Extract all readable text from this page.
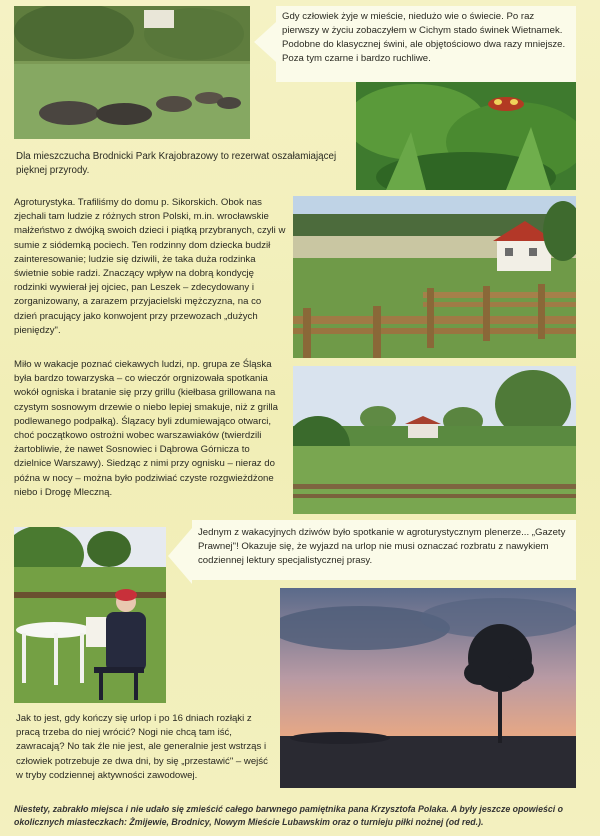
Gdy człowiek żyje w mieście, niedużo wie o świecie. Po raz pierwszy w życiu zobaczyłem w Cichym stado świnek Wietnamek. Podobne do klasycznej świni, ale objętościowo dwa razy mniejsze. Poza tym czarne i bardzo ruchliwe.
Dla mieszczucha Brodnicki Park Krajobrazowy to rezerwat oszałamiającej pięknej przyrody.
Agroturystyka. Trafiliśmy do domu p. Sikorskich. Obok nas zjechali tam ludzie z różnych stron Polski, m.in. wrocławskie małżeństwo z dwójką swoich dzieci i piątką przybranych, czyli w sumie z siódemką pociech. Ten rodzinny dom dziecka budził zainteresowanie; ludzie się dziwili, że taka duża rodzinka świetnie sobie radzi. Znaczący wpływ na dobrą kondycję rodzinki wywierał jej ojciec, pan Leszek – zdecydowany i zorganizowany, a zarazem przyjacielski mężczyzna, na co dzień pracujący jako konwojent przy przewozach „dużych pieniędzy".
Miło w wakacje poznać ciekawych ludzi, np. grupa ze Śląska była bardzo towarzyska – co wieczór orgnizowała spotkania wokół ogniska i bratanie się przy grillu (kiełbasa grillowana na czystym sosnowym drzewie o niebo lepiej smakuje, niż z grilla podlewanego podpałką). Ślązacy byli zdumiewająco otwarci, choć początkowo ostrożni wobec warszawiaków (twierdzili żartobliwie, że nawet Sosnowiec i Dąbrowa Górnicza to dzielnice Warszawy). Siedząc z nimi przy ognisku – nieraz do późna w nocy – można było podziwiać czyste rozgwieżdżone niebo i Drogę Mleczną.
Jednym z wakacyjnych dziwów było spotkanie w agroturystycznym plenerze... „Gazety Prawnej"! Okazuje się, że wyjazd na urlop nie musi oznaczać rozbratu z nawykiem codziennej lektury specjalistycznej prasy.
Jak to jest, gdy kończy się urlop i po 16 dniach rozłąki z pracą trzeba do niej wrócić? Nogi nie chcą tam iść, zawracają? No tak źle nie jest, ale generalnie jest wstrząs i człowiek potrzebuje ze dwa dni, by się „przestawić" – wejść w tryby codziennej aktywności zawodowej.
Niestety, zabrakło miejsca i nie udało się zmieścić całego barwnego pamiętnika pana Krzysztofa Polaka. A były jeszcze opowieści o okolicznych miasteczkach: Żmijewie, Brodnicy, Nowym Mieście Lubawskim oraz o turnieju piłki nożnej (od red.).
